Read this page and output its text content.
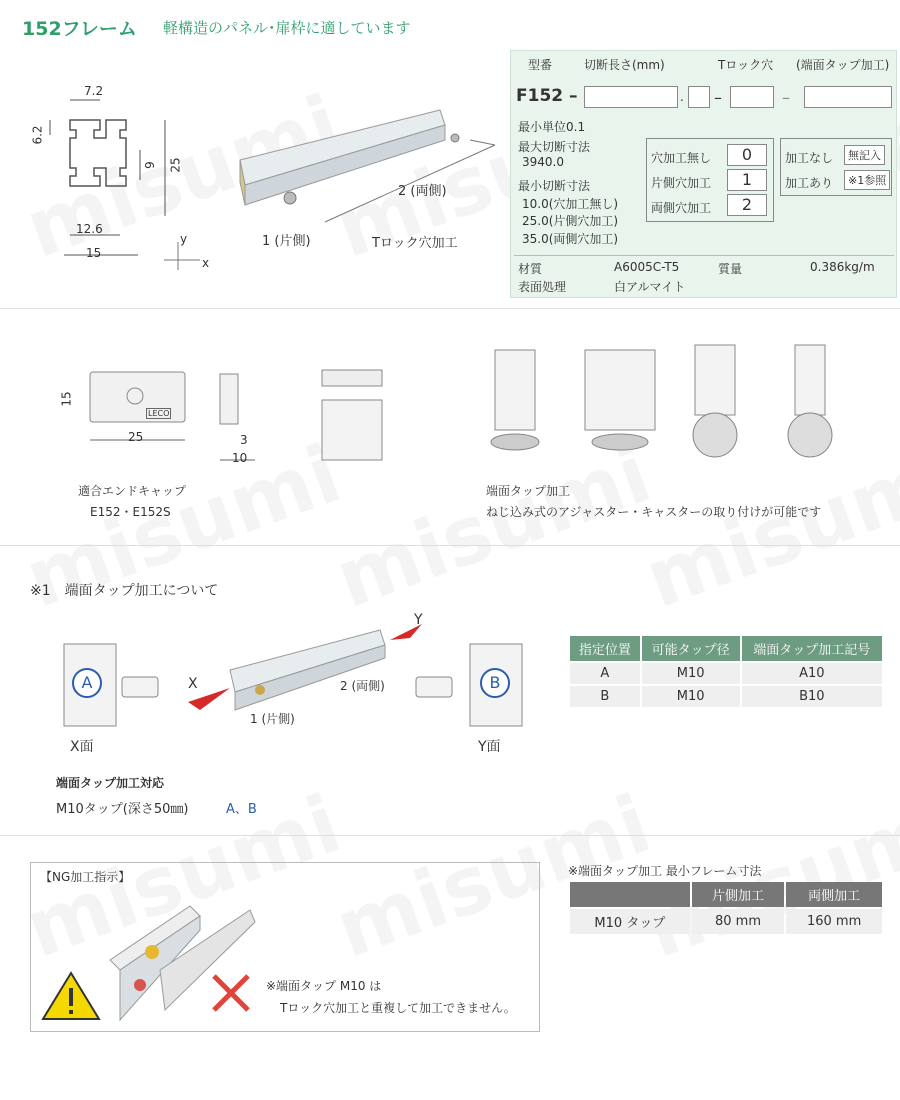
152フレーム 軽構造のパネル･扉枠に適しています
7.2
6.2
9 25
12.6
15
y
x
1 (片側)
2 (両側)
Tロック穴加工
型番	切断長さ(mm)	Tロック穴 (端面タップ加工)
F152 –	. –	–
最小単位0.1
最大切断寸法
3940.0
最小切断寸法
10.0(穴加工無し)
25.0(片側穴加工)
35.0(両側穴加工)
穴加工無し	0
片側穴加工	1
両側穴加工	2
加工なし	無記入
加工あり	※1参照
材質	A6005C-T5	質量	0.386kg/m
表面処理	白アルマイト
15
25	3
10
LECO
適合エンドキャップ
E152・E152S
端面タップ加工
ねじ込み式のアジャスター・キャスターの取り付けが可能です
※1　端面タップ加工について
A
X面
X
Y
1 (片側)
2 (両側)	B
Y面
端面タップ加工対応
M10タップ(深さ50㎜)	A、B
指定位置	可能タップ径	端面タップ加工記号
A	M10	A10
B	M10	B10
【NG加工指示】
※端面タップ M10 は
Tロック穴加工と重複して加工できません。
※端面タップ加工 最小フレーム寸法
	片側加工	両側加工
M10 タップ	80 mm	160 mm
